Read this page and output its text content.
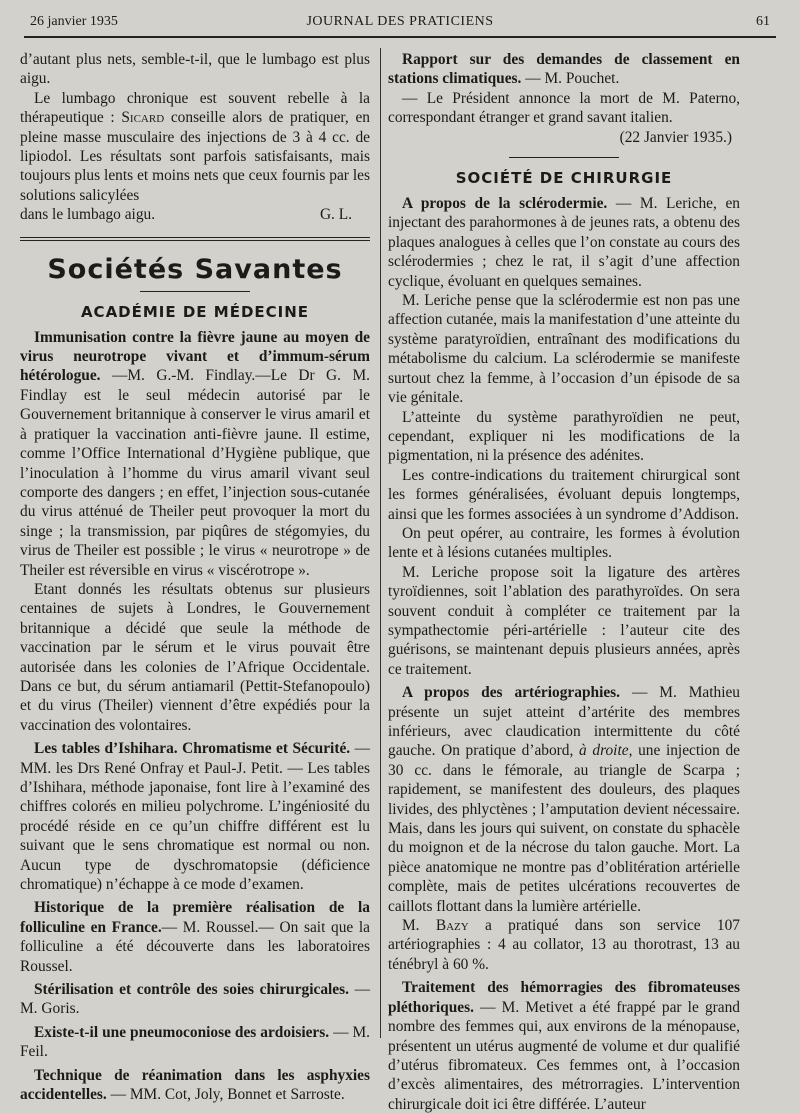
26 janvier 1935	JOURNAL DES PRATICIENS	61

d’autant plus nets, semble-t-il, que le lumbago est plus aigu.

Le lumbago chronique est souvent rebelle à la thérapeutique : Sicard conseille alors de pratiquer, en pleine masse musculaire des injections de 3 à 4 cc. de lipiodol. Les résultats sont parfois satisfaisants, mais toujours plus lents et moins nets que ceux fournis par les solutions salicylées

dans le lumbago aigu.	G. L.
Sociétés Savantes
ACADÉMIE DE MÉDECINE

Immunisation contre la fièvre jaune au moyen de virus neurotrope vivant et d’immum-sérum hétérologue. —M. G.-M. Findlay.—Le Dr G. M. Findlay est le seul médecin autorisé par le Gouvernement britannique à conserver le virus amaril et à pratiquer la vaccination anti-fièvre jaune. Il estime, comme l’Office International d’Hygiène publique, que l’inoculation à l’homme du virus amaril vivant seul comporte des dangers ; en effet, l’injection sous-cutanée du virus atténué de Theiler peut provoquer la mort du singe ; la transmission, par piqûres de stégomyies, du virus de Theiler est possible ; le virus « neurotrope » de Theiler est réversible en virus « viscérotrope ».

Etant donnés les résultats obtenus sur plusieurs centaines de sujets à Londres, le Gouvernement britannique a décidé que seule la méthode de vaccination par le sérum et le virus pouvait être autorisée dans les colonies de l’Afrique Occidentale. Dans ce but, du sérum antiamaril (Pettit-Stefanopoulo) et du virus (Theiler) viennent d’être expédiés pour la vaccination des volontaires.

Les tables d’Ishihara. Chromatisme et Sécurité. — MM. les Drs René Onfray et Paul-J. Petit. — Les tables d’Ishihara, méthode japonaise, font lire à l’examiné des chiffres colorés en milieu polychrome. L’ingéniosité du procédé réside en ce qu’un chiffre différent est lu suivant que le sens chromatique est normal ou non. Aucun type de dyschromatopsie (déficience chromatique) n’échappe à ce mode d’examen.

Historique de la première réalisation de la folliculine en France.— M. Roussel.— On sait que la folliculine a été découverte dans les laboratoires Roussel.

Stérilisation et contrôle des soies chirurgicales. — M. Goris.

Existe-t-il une pneumoconiose des ardoisiers. — M. Feil.

Technique de réanimation dans les asphyxies accidentelles. — MM. Cot, Joly, Bonnet et Sarroste.

Rapport sur des demandes de classement en stations climatiques. — M. Pouchet.

— Le Président annonce la mort de M. Paterno, correspondant étranger et grand savant italien.

(22 Janvier 1935.)

SOCIÉTÉ DE CHIRURGIE

A propos de la sclérodermie. — M. Leriche, en injectant des parahormones à de jeunes rats, a obtenu des plaques analogues à celles que l’on constate au cours des sclérodermies ; chez le rat, il s’agit d’une affection cyclique, évoluant en quelques semaines.

M. Leriche pense que la sclérodermie est non pas une affection cutanée, mais la manifestation d’une atteinte du système paratyroïdien, entraînant des modifications du métabolisme du calcium. La sclérodermie se manifeste surtout chez la femme, à l’occasion d’un épisode de sa vie génitale.

L’atteinte du système parathyroïdien ne peut, cependant, expliquer ni les modifications de la pigmentation, ni la présence des adénites.

Les contre-indications du traitement chirurgical sont les formes généralisées, évoluant depuis longtemps, ainsi que les formes associées à un syndrome d’Addison.

On peut opérer, au contraire, les formes à évolution lente et à lésions cutanées multiples.

M. Leriche propose soit la ligature des artères tyroïdiennes, soit l’ablation des parathyroïdes. On sera souvent conduit à compléter ce traitement par la sympathectomie péri-artérielle : l’auteur cite des guérisons, se maintenant depuis plusieurs années, après ce traitement.

A propos des artériographies. — M. Mathieu présente un sujet atteint d’artérite des membres inférieurs, avec claudication intermittente du côté gauche. On pratique d’abord, à droite, une injection de 30 cc. dans le fémorale, au triangle de Scarpa ; rapidement, se manifestent des douleurs, des plaques livides, des phlyctènes ; l’amputation devient nécessaire. Mais, dans les jours qui suivent, on constate du sphacèle du moignon et de la nécrose du talon gauche. Mort. La pièce anatomique ne montre pas d’oblitération artérielle complète, mais de petites ulcérations recouvertes de caillots flottant dans la lumière artérielle.

M. Bazy a pratiqué dans son service 107 artériographies : 4 au collator, 13 au thorotrast, 13 au ténébryl à 60 %.

Traitement des hémorragies des fibromateuses pléthoriques. — M. Metivet a été frappé par le grand nombre des femmes qui, aux environs de la ménopause, présentent un utérus augmenté de volume et dur qualifié d’utérus fibromateux. Ces femmes ont, à l’occasion d’excès alimentaires, des métrorragies. L’intervention chirurgicale doit ici être différée. L’auteur
